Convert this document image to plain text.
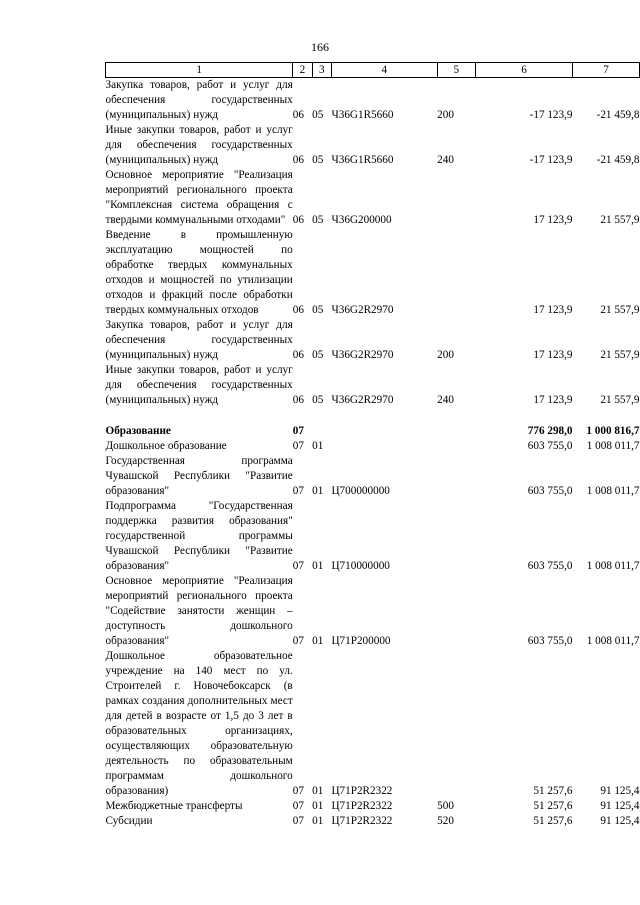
166
1	2	3	4	5	6	7
Закупка товаров, работ и услуг для обеспечения государственных (муниципальных) нужд	06	05	Ч36G1R5660	200	-17 123,9	-21 459,8
Иные закупки товаров, работ и услуг для обеспечения государственных (муниципальных) нужд	06	05	Ч36G1R5660	240	-17 123,9	-21 459,8
Основное мероприятие "Реализация мероприятий регионального проекта "Комплексная система обращения с твердыми коммунальными отходами"	06	05	Ч36G200000		17 123,9	21 557,9
Введение в промышленную эксплуатацию мощностей по обработке твердых коммунальных отходов и мощностей по утилизации отходов и фракций после обработки твердых коммунальных отходов	06	05	Ч36G2R2970		17 123,9	21 557,9
Закупка товаров, работ и услуг для обеспечения государственных (муниципальных) нужд	06	05	Ч36G2R2970	200	17 123,9	21 557,9
Иные закупки товаров, работ и услуг для обеспечения государственных (муниципальных) нужд	06	05	Ч36G2R2970	240	17 123,9	21 557,9

Образование	07				776 298,0	1 000 816,7
Дошкольное образование	07	01			603 755,0	1 008 011,7
Государственная программа Чувашской Республики "Развитие образования"	07	01	Ц700000000		603 755,0	1 008 011,7
Подпрограмма "Государственная поддержка развития образования" государственной программы Чувашской Республики "Развитие образования"	07	01	Ц710000000		603 755,0	1 008 011,7
Основное мероприятие "Реализация мероприятий регионального проекта "Содействие занятости женщин – доступность дошкольного образования"	07	01	Ц71P200000		603 755,0	1 008 011,7
Дошкольное образовательное учреждение на 140 мест по ул. Строителей г. Новочебоксарск (в рамках создания дополнительных мест для детей в возрасте от 1,5 до 3 лет в образовательных организациях, осуществляющих образовательную деятельность по образовательным программам дошкольного образования)	07	01	Ц71P2R2322		51 257,6	91 125,4
Межбюджетные трансферты	07	01	Ц71P2R2322	500	51 257,6	91 125,4
Субсидии	07	01	Ц71P2R2322	520	51 257,6	91 125,4
